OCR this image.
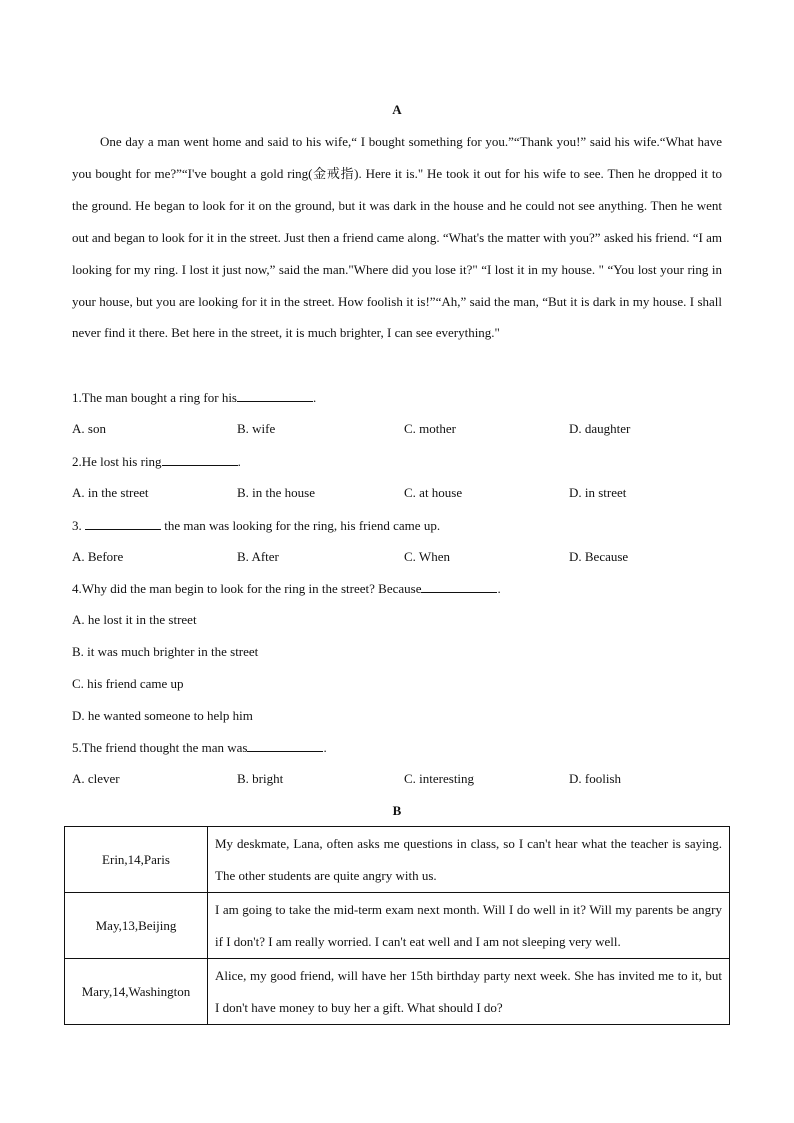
A

One day a man went home and said to his wife,“ I bought something for you.”“Thank you!” said his wife.“What have you bought for me?”“I've bought a gold ring(金戒指). Here it is." He took it out for his wife to see. Then he dropped it to the ground. He began to look for it on the ground, but it was dark in the house and he could not see anything. Then he went out and began to look for it in the street. Just then a friend came along. “What's the matter with you?” asked his friend. “I am looking for my ring. I lost it just now,” said the man."Where did you lose it?" “I lost it in my house. " “You lost your ring in your house, but you are looking for it in the street. How foolish it is!”“Ah,” said the man, “But it is dark in my house. I shall never find it there. Bet here in the street, it is much brighter, I can see everything."

1.The man bought a ring for his	.
A. son	B. wife	C. mother	D. daughter
2.He lost his ring	.
A. in the street	B. in the house	C. at house	D. in street
3.	the man was looking for the ring, his friend came up.
A. Before	B. After	C. When	D. Because
4.Why did the man begin to look for the ring in the street? Because	.
A. he lost it in the street
B. it was much brighter in the street
C. his friend came up
D. he wanted someone to help him
5.The friend thought the man was	.
A. clever	B. bright	C. interesting	D. foolish
B
Erin,14,Paris	My deskmate, Lana, often asks me questions in class, so I can't hear what the teacher is saying. The other students are quite angry with us.
May,13,Beijing	I am going to take the mid-term exam next month. Will I do well in it? Will my parents be angry if I don't? I am really worried. I can't eat well and I am not sleeping very well.
Mary,14,Washington	Alice, my good friend, will have her 15th birthday party next week. She has invited me to it, but I don't have money to buy her a gift. What should I do?
